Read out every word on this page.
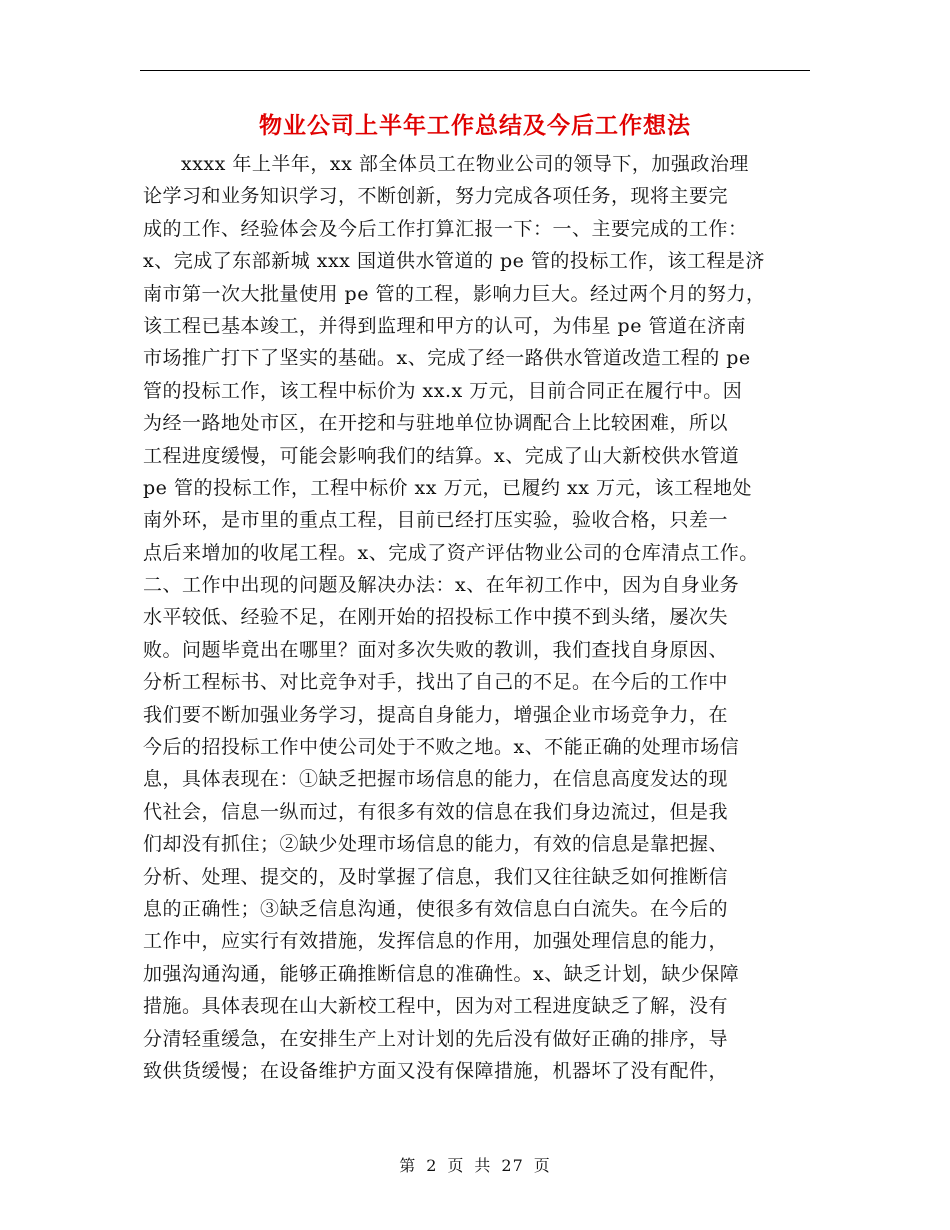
物业公司上半年工作总结及今后工作想法
xxxx 年上半年，xx 部全体员工在物业公司的领导下，加强政治理
论学习和业务知识学习，不断创新，努力完成各项任务，现将主要完
成的工作、经验体会及今后工作打算汇报一下：一、主要完成的工作：
x、完成了东部新城 xxx 国道供水管道的 pe 管的投标工作，该工程是济
南市第一次大批量使用 pe 管的工程，影响力巨大。经过两个月的努力，
该工程已基本竣工，并得到监理和甲方的认可，为伟星 pe 管道在济南
市场推广打下了坚实的基础。x、完成了经一路供水管道改造工程的 pe
管的投标工作，该工程中标价为 xx.x 万元，目前合同正在履行中。因
为经一路地处市区，在开挖和与驻地单位协调配合上比较困难，所以
工程进度缓慢，可能会影响我们的结算。x、完成了山大新校供水管道
pe 管的投标工作，工程中标价 xx 万元，已履约 xx 万元，该工程地处
南外环，是市里的重点工程，目前已经打压实验，验收合格，只差一
点后来增加的收尾工程。x、完成了资产评估物业公司的仓库清点工作。
二、工作中出现的问题及解决办法：x、在年初工作中，因为自身业务
水平较低、经验不足，在刚开始的招投标工作中摸不到头绪，屡次失
败。问题毕竟出在哪里？面对多次失败的教训，我们查找自身原因、
分析工程标书、对比竞争对手，找出了自己的不足。在今后的工作中
我们要不断加强业务学习，提高自身能力，增强企业市场竞争力，在
今后的招投标工作中使公司处于不败之地。x、不能正确的处理市场信
息，具体表现在：①缺乏把握市场信息的能力，在信息高度发达的现
代社会，信息一纵而过，有很多有效的信息在我们身边流过，但是我
们却没有抓住；②缺少处理市场信息的能力，有效的信息是靠把握、
分析、处理、提交的，及时掌握了信息，我们又往往缺乏如何推断信
息的正确性；③缺乏信息沟通，使很多有效信息白白流失。在今后的
工作中，应实行有效措施，发挥信息的作用，加强处理信息的能力，
加强沟通沟通，能够正确推断信息的准确性。x、缺乏计划，缺少保障
措施。具体表现在山大新校工程中，因为对工程进度缺乏了解，没有
分清轻重缓急，在安排生产上对计划的先后没有做好正确的排序，导
致供货缓慢；在设备维护方面又没有保障措施，机器坏了没有配件，
第 2 页 共 27 页
